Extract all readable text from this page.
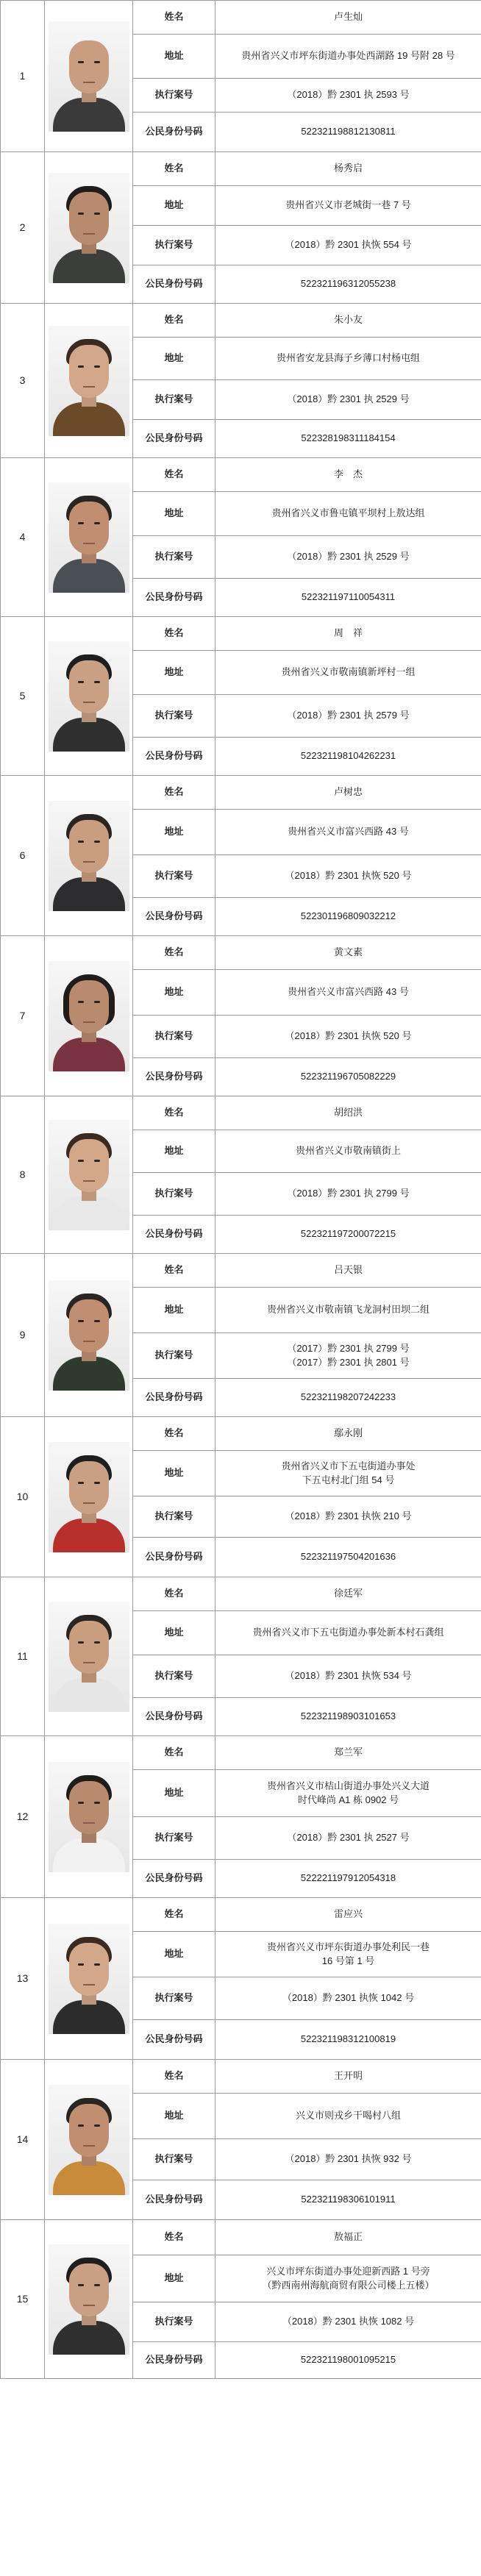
1		姓名	卢生灿
		地址	贵州省兴义市坪东街道办事处西湖路 19 号附 28 号

		执行案号	（2018）黔 2301 执 2593 号

		公民身份号码	522321198812130811
2		姓名	杨秀启
		地址	贵州省兴义市老城街一巷 7 号

		执行案号	（2018）黔 2301 执恢 554 号

		公民身份号码	522321196312055238
3		姓名	朱小友
		地址	贵州省安龙县海子乡薄口村杨屯组

		执行案号	（2018）黔 2301 执 2529 号

		公民身份号码	522328198311184154
4		姓名	李　杰
		地址	贵州省兴义市鲁屯镇平坝村上敖达组

		执行案号	（2018）黔 2301 执 2529 号

		公民身份号码	522321197110054311
5		姓名	周　祥
		地址	贵州省兴义市敬南镇新坪村一组

		执行案号	（2018）黔 2301 执 2579 号

		公民身份号码	522321198104262231
6		姓名	卢树忠
		地址	贵州省兴义市富兴西路 43 号

		执行案号	（2018）黔 2301 执恢 520 号

		公民身份号码	522301196809032212
7		姓名	黄文素
		地址	贵州省兴义市富兴西路 43 号

		执行案号	（2018）黔 2301 执恢 520 号

		公民身份号码	522321196705082229
8		姓名	胡绍洪
		地址	贵州省兴义市敬南镇街上

		执行案号	（2018）黔 2301 执 2799 号

		公民身份号码	522321197200072215
9		姓名	吕天银
		地址	贵州省兴义市敬南镇飞龙洞村田坝二组

		执行案号	（2017）黔 2301 执 2799 号
（2017）黔 2301 执 2801 号

		公民身份号码	522321198207242233
10		姓名	鄢永刚
		地址	贵州省兴义市下五屯街道办事处
下五屯村北门组 54 号

		执行案号	（2018）黔 2301 执恢 210 号

		公民身份号码	522321197504201636
11		姓名	徐廷军
		地址	贵州省兴义市下五屯街道办事处新本村石龚组

		执行案号	（2018）黔 2301 执恢 534 号

		公民身份号码	522321198903101653
12		姓名	郑兰军
		地址	贵州省兴义市桔山街道办事处兴义大道
时代峰尚 A1 栋 0902 号

		执行案号	（2018）黔 2301 执 2527 号

		公民身份号码	522221197912054318
13		姓名	雷应兴
		地址	贵州省兴义市坪东街道办事处利民一巷
16 号第 1 号

		执行案号	（2018）黔 2301 执恢 1042 号

		公民身份号码	522321198312100819
14		姓名	王开明
		地址	兴义市则戎乡干喝村八组

		执行案号	（2018）黔 2301 执恢 932 号

		公民身份号码	522321198306101911
15		姓名	敖福正
		地址	兴义市坪东街道办事处迎新西路 1 号旁
（黔西南州海航商贸有限公司楼上五楼）

		执行案号	（2018）黔 2301 执恢 1082 号

		公民身份号码	522321198001095215
